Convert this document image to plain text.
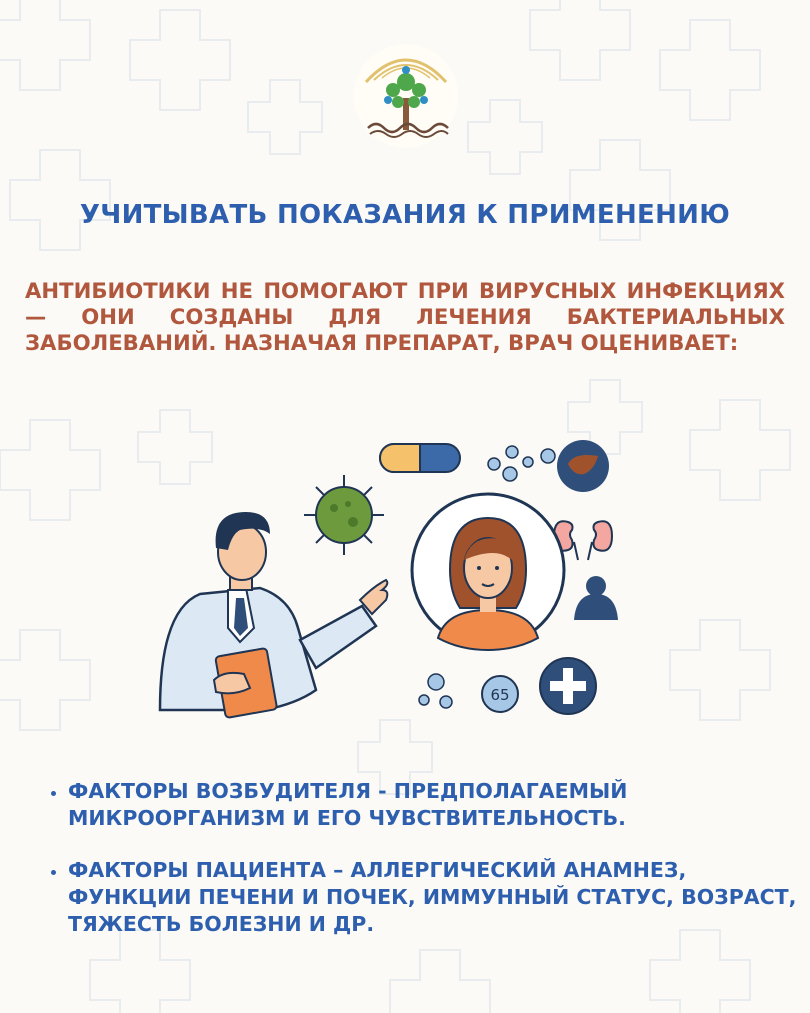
УЧИТЫВАТЬ ПОКАЗАНИЯ К ПРИМЕНЕНИЮ

АНТИБИОТИКИ НЕ ПОМОГАЮТ ПРИ ВИРУСНЫХ ИНФЕКЦИЯХ — ОНИ СОЗДАНЫ ДЛЯ ЛЕЧЕНИЯ БАКТЕРИАЛЬНЫХ ЗАБОЛЕВАНИЙ. НАЗНАЧАЯ ПРЕПАРАТ, ВРАЧ ОЦЕНИВАЕТ:

65
• ФАКТОРЫ ВОЗБУДИТЕЛЯ - ПРЕДПОЛАГАЕМЫЙ МИКРООРГАНИЗМ И ЕГО ЧУВСТВИТЕЛЬНОСТЬ.
• ФАКТОРЫ ПАЦИЕНТА – АЛЛЕРГИЧЕСКИЙ АНАМНЕЗ, ФУНКЦИИ ПЕЧЕНИ И ПОЧЕК, ИММУННЫЙ СТАТУС, ВОЗРАСТ, ТЯЖЕСТЬ БОЛЕЗНИ И ДР.
